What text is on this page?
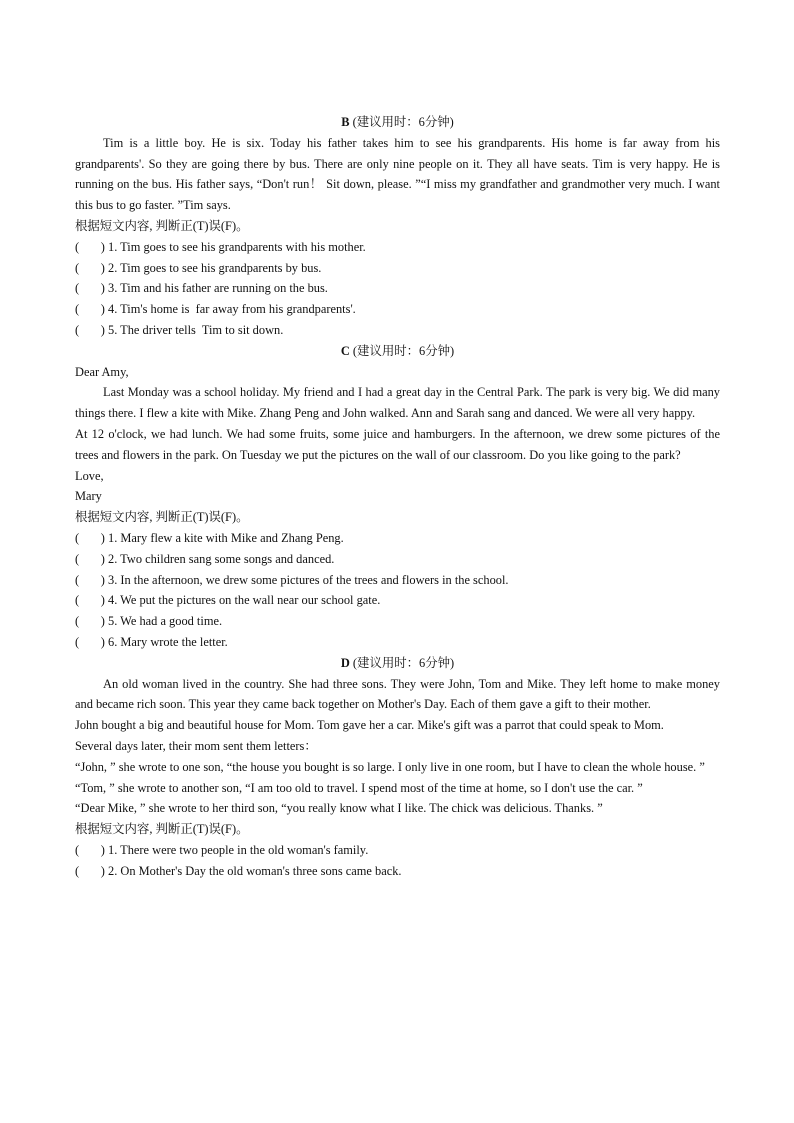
B (建议用时：6分钟)
Tim is a little boy. He is six. Today his father takes him to see his grandparents. His home is far away from his grandparents'. So they are going there by bus. There are only nine people on it. They all have seats. Tim is very happy. He is running on the bus. His father says, “Don't run！ Sit down, please. ”“I miss my grandfather and grandmother very much. I want this bus to go faster. ”Tim says.
根据短文内容, 判断正(T)误(F)。
(       ) 1. Tim goes to see his grandparents with his mother.
(       ) 2. Tim goes to see his grandparents by bus.
(       ) 3. Tim and his father are running on the bus.
(       ) 4. Tim's home is  far away from his grandparents'.
(       ) 5. The driver tells  Tim to sit down.
C (建议用时：6分钟)
Dear Amy,
Last Monday was a school holiday. My friend and I had a great day in the Central Park. The park is very big. We did many things there. I flew a kite with Mike. Zhang Peng and John walked. Ann and Sarah sang and danced. We were all very happy.
At 12 o'clock, we had lunch. We had some fruits, some juice and hamburgers. In the afternoon, we drew some pictures of the trees and flowers in the park. On Tuesday we put the pictures on the wall of our classroom. Do you like going to the park?
Love,
Mary
根据短文内容, 判断正(T)误(F)。
(       ) 1. Mary flew a kite with Mike and Zhang Peng.
(       ) 2. Two children sang some songs and danced.
(       ) 3. In the afternoon, we drew some pictures of the trees and flowers in the school.
(       ) 4. We put the pictures on the wall near our school gate.
(       ) 5. We had a good time.
(       ) 6. Mary wrote the letter.
D (建议用时：6分钟)
An old woman lived in the country. She had three sons. They were John, Tom and Mike. They left home to make money and became rich soon. This year they came back together on Mother's Day. Each of them gave a gift to their mother.
John bought a big and beautiful house for Mom. Tom gave her a car. Mike's gift was a parrot that could speak to Mom.
Several days later, their mom sent them letters：
“John, ” she wrote to one son, “the house you bought is so large. I only live in one room, but I have to clean the whole house. ”
“Tom, ” she wrote to another son, “I am too old to travel. I spend most of the time at home, so I don't use the car. ”
“Dear Mike, ” she wrote to her third son, “you really know what I like. The chick was delicious. Thanks. ”
根据短文内容, 判断正(T)误(F)。
(       ) 1. There were two people in the old woman's family.
(       ) 2. On Mother's Day the old woman's three sons came back.
